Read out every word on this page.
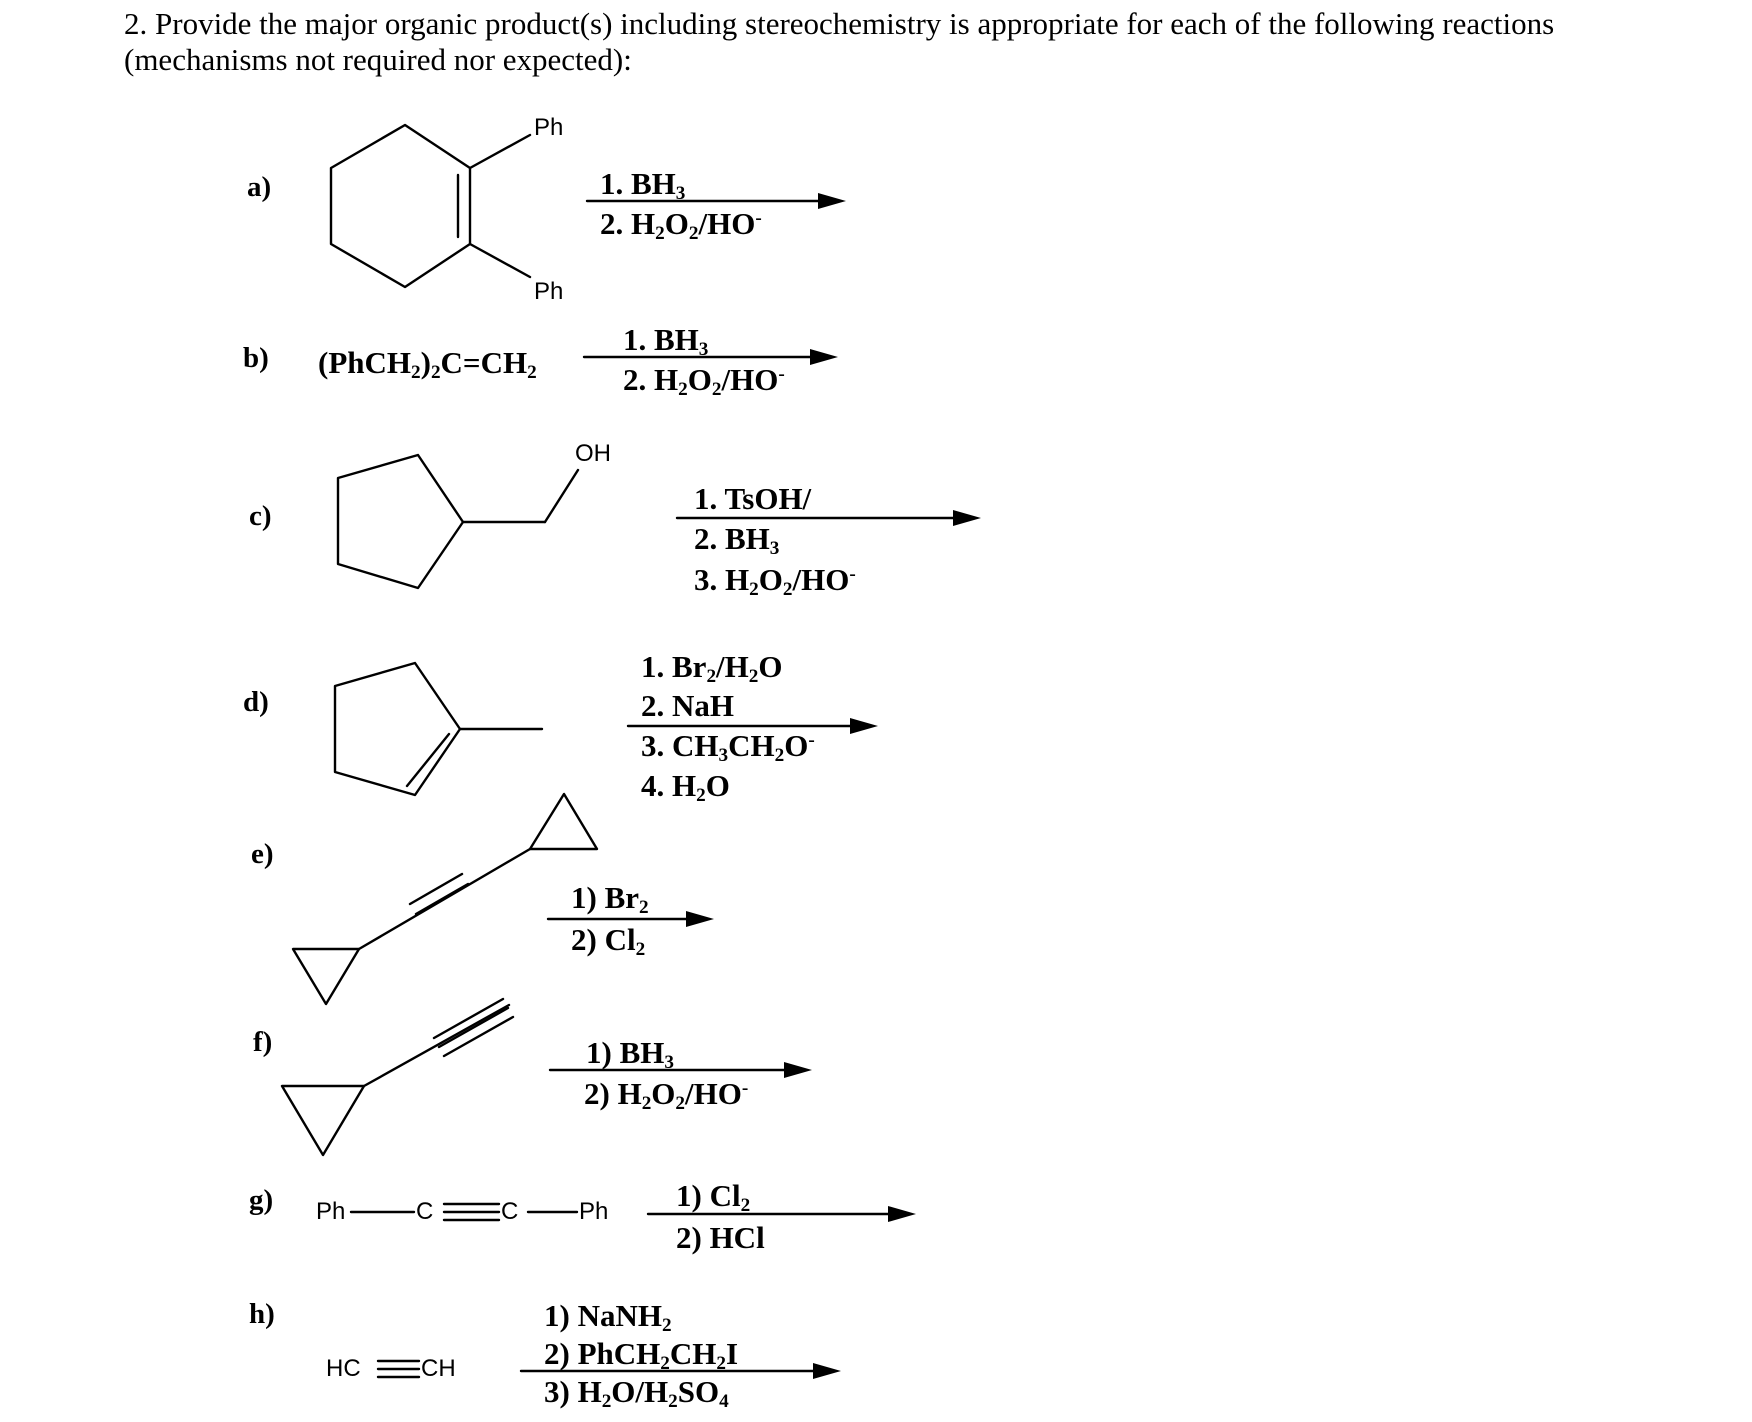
2. Provide the major organic product(s) including stereochemistry is appropriate for each of the following reactions
(mechanisms not required nor expected):
a)
b)
c)
d)
e)
f)
g)
h)
Ph
Ph
1. $BH_3$
2. $H_2O_2/HO^-$
$(PhCH_2)_2C=CH_2$
1. $BH_3$
2. $H_2O_2/HO^-$
OH
1. TsOH/
2. $BH_3$
3. $H_2O_2/HO^-$
1. $Br_2/H_2O$
2. NaH
3. $CH_3CH_2O^-$
4. $H_2O$
1) $Br_2$
2) $Cl_2$
1) $BH_3$
2) $H_2O_2/HO^-$
Ph	C	C	Ph 1) $Cl_2$
2) HCl
HC	CH
1) NaNH$_2$
2) $PhCH_2CH_2I$
3) $H_2O/H_2SO_4$
